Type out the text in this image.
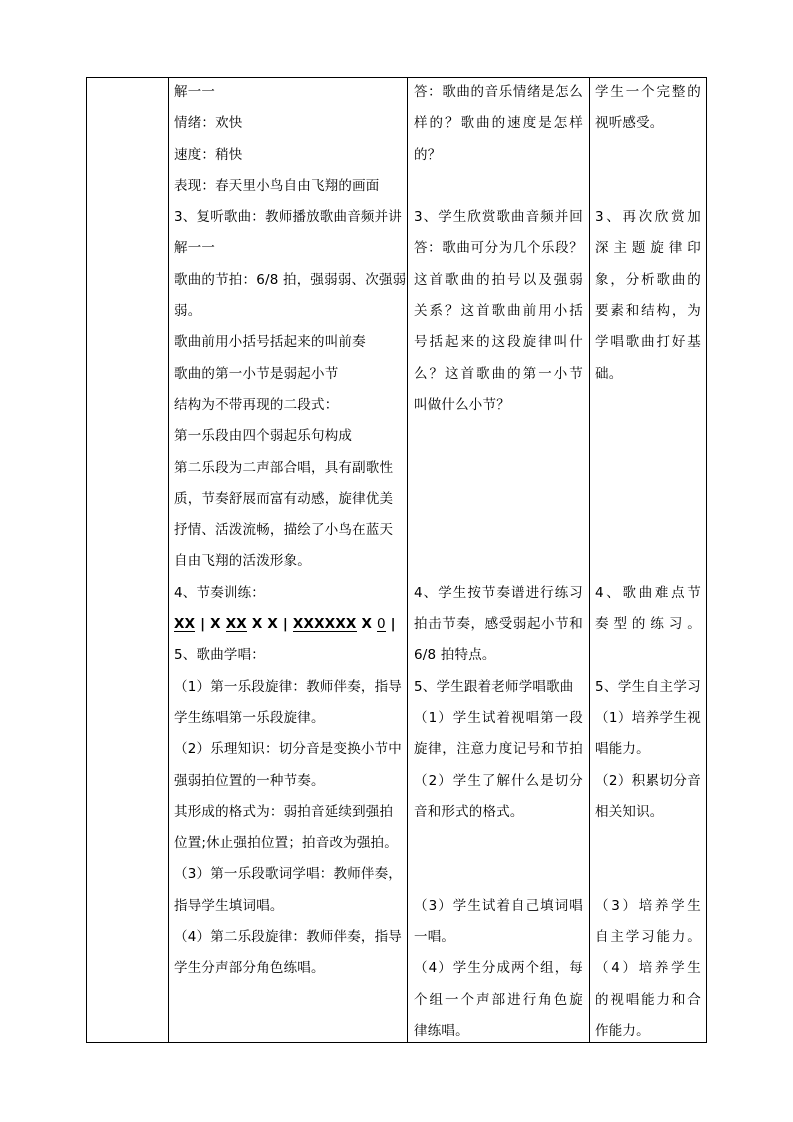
解一一

情绪：欢快

速度：稍快

表现：春天里小鸟自由飞翔的画面

3、复听歌曲：教师播放歌曲音频并讲

解一一

歌曲的节拍：6/8 拍，强弱弱、次强弱

弱。

歌曲前用小括号括起来的叫前奏

歌曲的第一小节是弱起小节

结构为不带再现的二段式：

第一乐段由四个弱起乐句构成

第二乐段为二声部合唱，具有副歌性

质，节奏舒展而富有动感，旋律优美

抒情、活泼流畅，描绘了小鸟在蓝天

自由飞翔的活泼形象。

4、节奏训练：

XX | X XX X X | XXXXXX X 0 |

5、歌曲学唱：

（1）第一乐段旋律：教师伴奏，指导

学生练唱第一乐段旋律。

（2）乐理知识：切分音是变换小节中

强弱拍位置的一种节奏。

其形成的格式为：弱拍音延续到强拍

位置;休止强拍位置；拍音改为强拍。

（3）第一乐段歌词学唱：教师伴奏，

指导学生填词唱。

（4）第二乐段旋律：教师伴奏，指导

学生分声部分角色练唱。

答：歌曲的音乐情绪是怎么

样的？歌曲的速度是怎样

的？

3、学生欣赏歌曲音频并回

答：歌曲可分为几个乐段？

这首歌曲的拍号以及强弱

关系？这首歌曲前用小括

号括起来的这段旋律叫什

么？这首歌曲的第一小节

叫做什么小节？

4、学生按节奏谱进行练习

拍击节奏，感受弱起小节和

6/8 拍特点。

5、学生跟着老师学唱歌曲

（1）学生试着视唱第一段

旋律，注意力度记号和节拍

（2）学生了解什么是切分

音和形式的格式。

（3）学生试着自己填词唱

一唱。

（4）学生分成两个组，每

个组一个声部进行角色旋

律练唱。

学生一个完整的

视听感受。

3、再次欣赏加

深主题旋律印

象，分析歌曲的

要素和结构，为

学唱歌曲打好基

础。

4、歌曲难点节

奏型的练习。

5、学生自主学习

（1）培养学生视

唱能力。

（2）积累切分音

相关知识。

（3）培养学生

自主学习能力。

（4）培养学生

的视唱能力和合

作能力。
